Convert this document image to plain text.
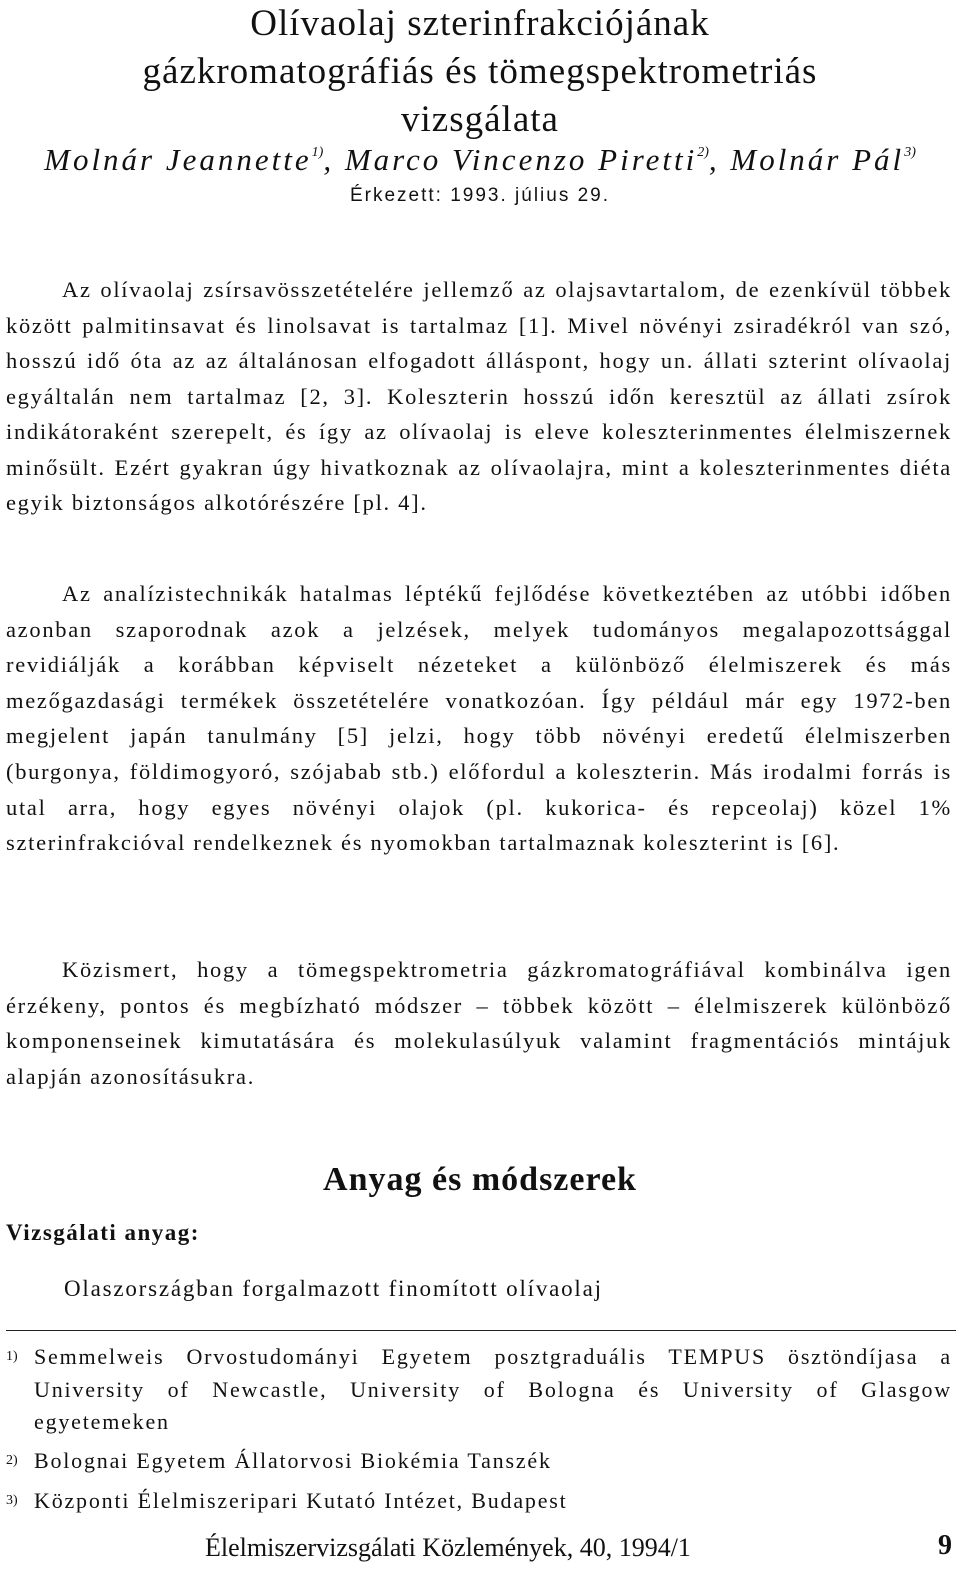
Olívaolaj szterinfrakciójának
gázkromatográfiás és tömegspektrometriás
vizsgálata
Molnár Jeannette$^{1)}$, Marco Vincenzo Piretti$^{2)}$, Molnár Pál$^{3)}$
Érkezett: 1993. július 29.

Az olívaolaj zsírsavösszetételére jellemző az olajsavtartalom, de ezenkívül többek között palmitinsavat és linolsavat is tartalmaz [1]. Mivel növényi zsiradékról van szó, hosszú idő óta az az általánosan elfogadott álláspont, hogy un. állati szterint olívaolaj egyáltalán nem tartalmaz [2, 3]. Koleszterin hosszú időn keresztül az állati zsírok indikátoraként szerepelt, és így az olívaolaj is eleve koleszterinmentes élelmiszernek minősült. Ezért gyakran úgy hivatkoznak az olívaolajra, mint a koleszterinmentes diéta egyik biztonságos alkotórészére [pl. 4].

Az analízistechnikák hatalmas léptékű fejlődése következtében az utóbbi időben azonban szaporodnak azok a jelzések, melyek tudományos megalapozottsággal revidiálják a korábban képviselt nézeteket a különböző élelmiszerek és más mezőgazdasági termékek összetételére vonatkozóan. Így például már egy 1972-ben megjelent japán tanulmány [5] jelzi, hogy több növényi eredetű élelmiszerben (burgonya, földimogyoró, szójabab stb.) előfordul a koleszterin. Más irodalmi forrás is utal arra, hogy egyes növényi olajok (pl. kukorica- és repceolaj) közel 1% szterinfrakcióval rendelkeznek és nyomokban tartalmaznak koleszterint is [6].

Közismert, hogy a tömegspektrometria gázkromatográfiával kombinálva igen érzékeny, pontos és megbízható módszer – többek között – élelmiszerek különböző komponenseinek kimutatására és molekulasúlyuk valamint fragmentációs mintájuk alapján azonosításukra.

Anyag és módszerek
Vizsgálati anyag:
Olaszországban forgalmazott finomított olívaolaj
1) Semmelweis Orvostudományi Egyetem posztgraduális TEMPUS ösztöndíjasa a University of Newcastle, University of Bologna és University of Glasgow egyetemeken
2) Bolognai Egyetem Állatorvosi Biokémia Tanszék
3) Központi Élelmiszeripari Kutató Intézet, Budapest
Élelmiszervizsgálati Közlemények, 40, 1994/1	9
